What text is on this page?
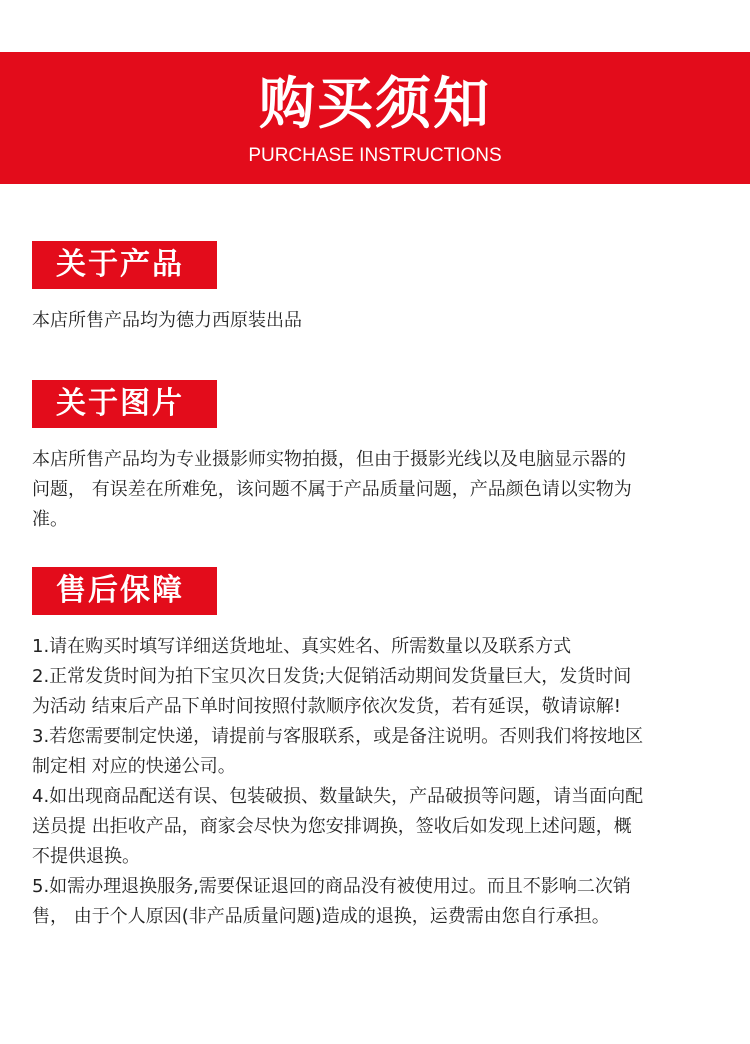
购买须知
PURCHASE INSTRUCTIONS
关于产品

本店所售产品均为德力西原装出品

关于图片

本店所售产品均为专业摄影师实物拍摄，但由于摄影光线以及电脑显示器的

问题， 有误差在所难免，该问题不属于产品质量问题，产品颜色请以实物为

准。

售后保障

1.请在购买时填写详细送货地址、真实姓名、所需数量以及联系方式

2.正常发货时间为拍下宝贝次日发货;大促销活动期间发货量巨大，发货时间

为活动 结束后产品下单时间按照付款顺序依次发货，若有延误，敬请谅解!

3.若您需要制定快递，请提前与客服联系，或是备注说明。否则我们将按地区

制定相 对应的快递公司。

4.如出现商品配送有误、包装破损、数量缺失，产品破损等问题，请当面向配

送员提 出拒收产品，商家会尽快为您安排调换，签收后如发现上述问题，概

不提供退换。

5.如需办理退换服务,需要保证退回的商品没有被使用过。而且不影响二次销

售， 由于个人原因(非产品质量问题)造成的退换，运费需由您自行承担。
